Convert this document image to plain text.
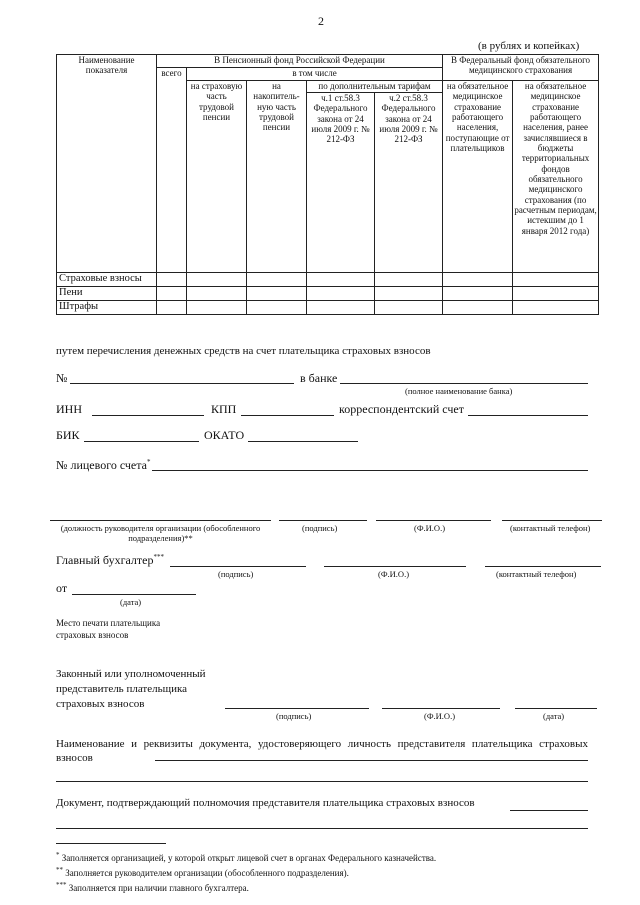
2
(в рублях и копейках)
Наименование показателя	В Пенсионный фонд Российской Федерации					В Федеральный фонд обязательного медицинского страхования	
	всего	в том числе					
		на страховую часть трудовой пенсии	на накопитель-ную часть трудовой пенсии	по дополнительным тарифам		на обязательное медицинское страхование работающего населения, поступающие от плательщиков	на обязательное медицинское страхование работающего населения, ранее зачислявшиеся в бюджеты территориальных фондов обязательного медицинского страхования (по расчетным периодам, истекшим до 1 января 2012 года)
				ч.1 ст.58.3 Федерального закона от 24 июля 2009 г. № 212-ФЗ	ч.2 ст.58.3 Федерального закона от 24 июля 2009 г. № 212-ФЗ		
Страховые взносы							
Пени							
Штрафы							
путем перечисления денежных средств на счет плательщика страховых взносов
№	в банке
(полное наименование банка)
ИНН	КПП	корреспондентский счет
БИК	ОКАТО
№ лицевого счета*
(должность руководителя организации (обособленного подразделения)**
(подпись)	(Ф.И.О.)	(контактный телефон)
Главный бухгалтер***
(подпись)	(Ф.И.О.)	(контактный телефон)
от
(дата)
Место печати плательщика страховых взносов
Законный или уполномоченный представитель плательщика страховых взносов
(подпись)	(Ф.И.О.)	(дата)
Наименование и реквизиты документа, удостоверяющего личность представителя плательщика страховых взносов
Документ, подтверждающий полномочия представителя плательщика страховых взносов
* Заполняется организацией, у которой открыт лицевой счет в органах Федерального казначейства.
** Заполняется руководителем организации (обособленного подразделения).
*** Заполняется при наличии главного бухгалтера.
